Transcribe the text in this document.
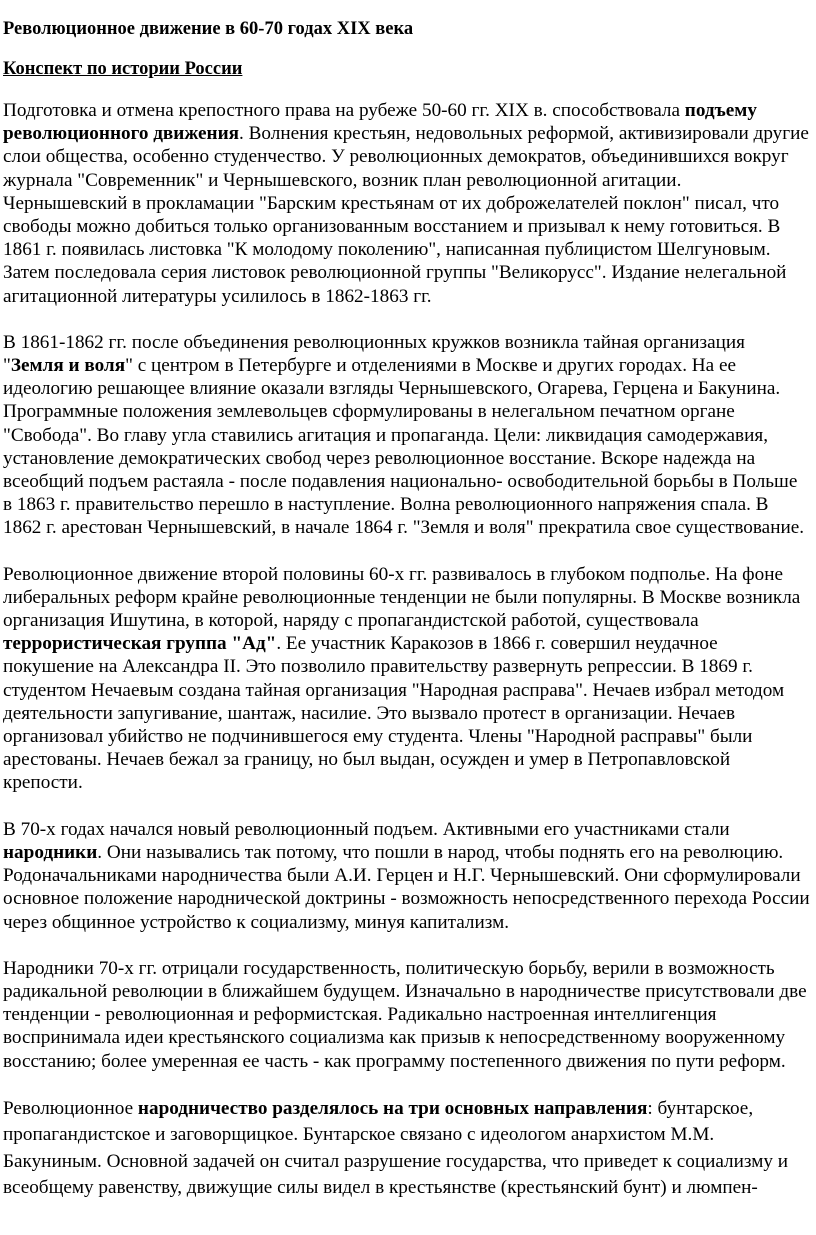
Революционное движение в 60-70 годах XIX века
Конспект по истории России
Подготовка и отмена крепостного права на рубеже 50-60 гг. XIX в. способствовала подъему революционного движения. Волнения крестьян, недовольных реформой, активизировали другие слои общества, особенно студенчество. У революционных демократов, объединившихся вокруг журнала "Современник" и Чернышевского, возник план революционной агитации. Чернышевский в прокламации "Барским крестьянам от их доброжелателей поклон" писал, что свободы можно добиться только организованным восстанием и призывал к нему готовиться. В 1861 г. появилась листовка "К молодому поколению", написанная публицистом Шелгуновым. Затем последовала серия листовок революционной группы "Великорусс". Издание нелегальной агитационной литературы усилилось в 1862-1863 гг.
В 1861-1862 гг. после объединения революционных кружков возникла тайная организация "Земля и воля" с центром в Петербурге и отделениями в Москве и других городах. На ее идеологию решающее влияние оказали взгляды Чернышевского, Огарева, Герцена и Бакунина. Программные положения землевольцев сформулированы в нелегальном печатном органе "Свобода". Во главу угла ставились агитация и пропаганда. Цели: ликвидация самодержавия, установление демократических свобод через революционное восстание. Вскоре надежда на всеобщий подъем растаяла - после подавления национально- освободительной борьбы в Польше в 1863 г. правительство перешло в наступление. Волна революционного напряжения спала. В 1862 г. арестован Чернышевский, в начале 1864 г. "Земля и воля" прекратила свое существование.
Революционное движение второй половины 60-х гг. развивалось в глубоком подполье. На фоне либеральных реформ крайне революционные тенденции не были популярны. В Москве возникла организация Ишутина, в которой, наряду с пропагандистской работой, существовала террористическая группа "Ад". Ее участник Каракозов в 1866 г. совершил неудачное покушение на Александра II. Это позволило правительству развернуть репрессии. В 1869 г. студентом Нечаевым создана тайная организация "Народная расправа". Нечаев избрал методом деятельности запугивание, шантаж, насилие. Это вызвало протест в организации. Нечаев организовал убийство не подчинившегося ему студента. Члены "Народной расправы" были арестованы. Нечаев бежал за границу, но был выдан, осужден и умер в Петропавловской крепости.
В 70-х годах начался новый революционный подъем. Активными его участниками стали народники. Они назывались так потому, что пошли в народ, чтобы поднять его на революцию. Родоначальниками народничества были А.И. Герцен и Н.Г. Чернышевский. Они сформулировали основное положение народнической доктрины - возможность непосредственного перехода России через общинное устройство к социализму, минуя капитализм.
Народники 70-х гг. отрицали государственность, политическую борьбу, верили в возможность радикальной революции в ближайшем будущем. Изначально в народничестве присутствовали две тенденции - революционная и реформистская. Радикально настроенная интеллигенция воспринимала идеи крестьянского социализма как призыв к непосредственному вооруженному восстанию; более умеренная ее часть - как программу постепенного движения по пути реформ.
Революционное народничество разделялось на три основных направления: бунтарское, пропагандистское и заговорщицкое. Бунтарское связано с идеологом анархистом М.М. Бакуниным. Основной задачей он считал разрушение государства, что приведет к социализму и всеобщему равенству, движущие силы видел в крестьянстве (крестьянский бунт) и люмпен-
